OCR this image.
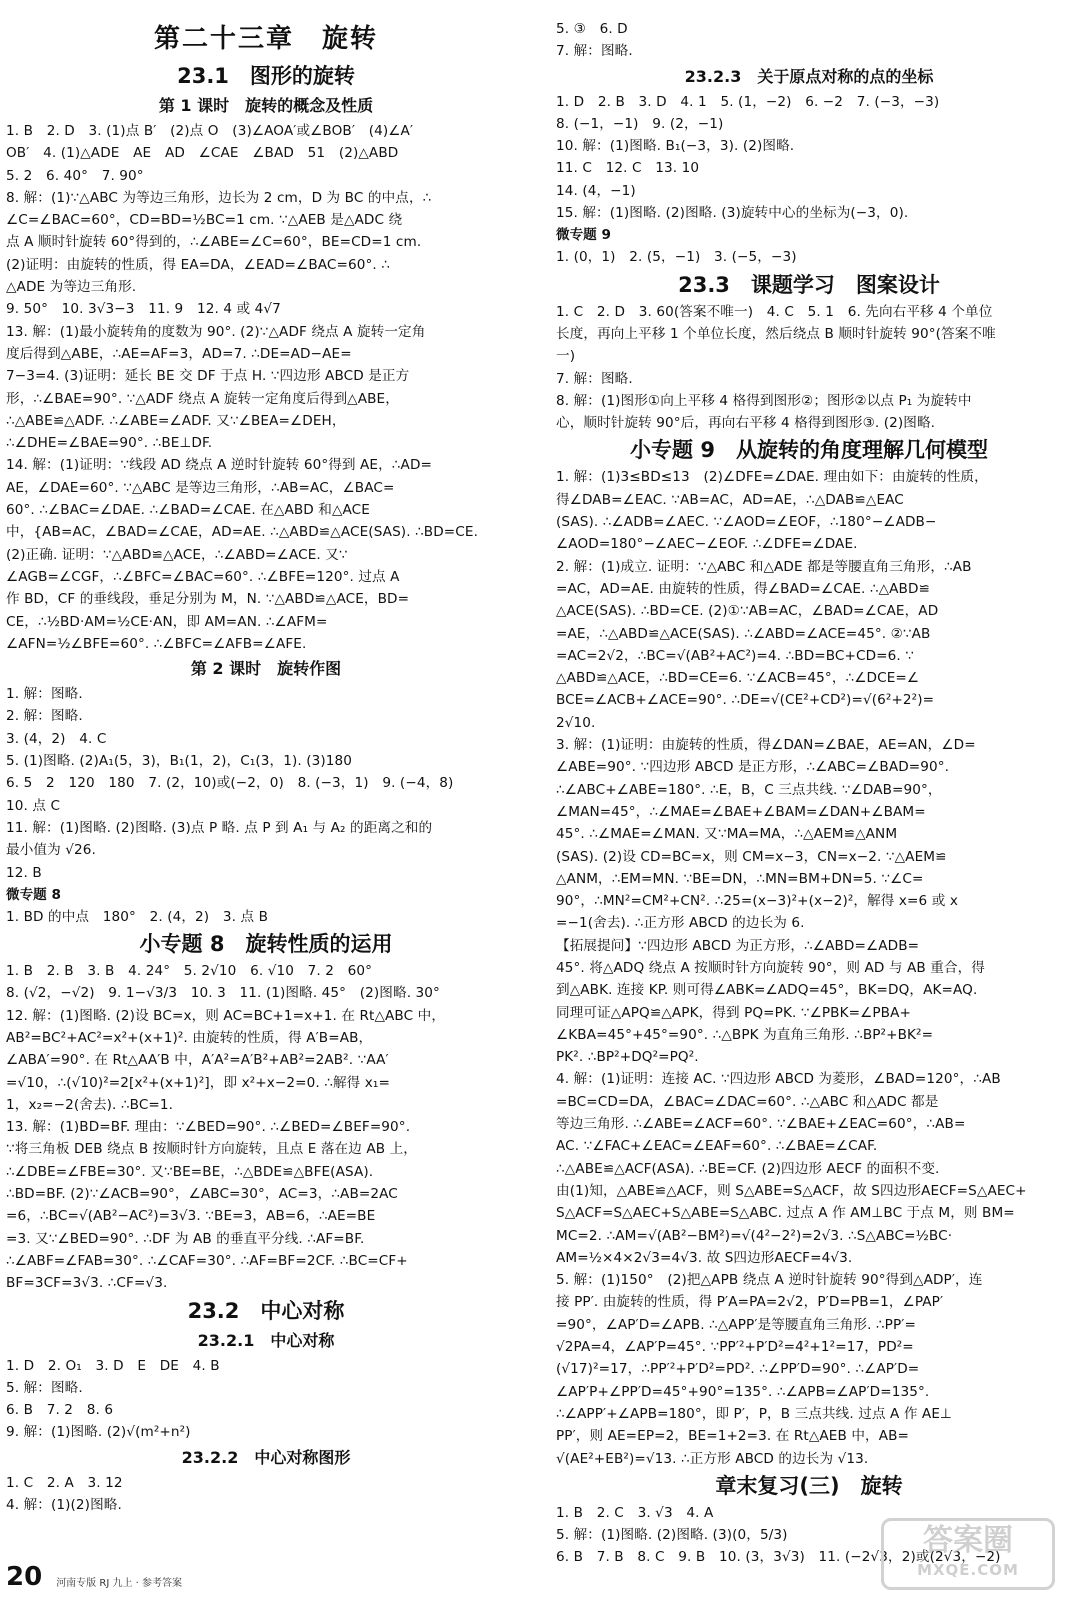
第二十三章　旋转
23.1　图形的旋转
第 1 课时　旋转的概念及性质
1. B　2. D　3. (1)点 B′　(2)点 O　(3)∠AOA′或∠BOB′　(4)∠A′
OB′　4. (1)△ADE　AE　AD　∠CAE　∠BAD　51　(2)△ABD
5. 2　6. 40°　7. 90°
8. 解：(1)∵△ABC 为等边三角形，边长为 2 cm，D 为 BC 的中点，∴
∠C=∠BAC=60°，CD=BD=½BC=1 cm. ∵△AEB 是△ADC 绕
点 A 顺时针旋转 60°得到的，∴∠ABE=∠C=60°，BE=CD=1 cm.
(2)证明：由旋转的性质，得 EA=DA，∠EAD=∠BAC=60°. ∴
△ADE 为等边三角形.
9. 50°　10. 3√3−3　11. 9　12. 4 或 4√7
13. 解：(1)最小旋转角的度数为 90°. (2)∵△ADF 绕点 A 旋转一定角
度后得到△ABE，∴AE=AF=3，AD=7. ∴DE=AD−AE=
7−3=4. (3)证明：延长 BE 交 DF 于点 H. ∵四边形 ABCD 是正方
形，∴∠BAE=90°. ∵△ADF 绕点 A 旋转一定角度后得到△ABE，
∴△ABE≌△ADF. ∴∠ABE=∠ADF. 又∵∠BEA=∠DEH，
∴∠DHE=∠BAE=90°. ∴BE⊥DF.
14. 解：(1)证明：∵线段 AD 绕点 A 逆时针旋转 60°得到 AE，∴AD=
AE，∠DAE=60°. ∵△ABC 是等边三角形，∴AB=AC，∠BAC=
60°. ∴∠BAC=∠DAE. ∴∠BAD=∠CAE. 在△ABD 和△ACE
中，{AB=AC，∠BAD=∠CAE，AD=AE. ∴△ABD≌△ACE(SAS). ∴BD=CE.
(2)正确. 证明：∵△ABD≌△ACE，∴∠ABD=∠ACE. 又∵
∠AGB=∠CGF，∴∠BFC=∠BAC=60°. ∴∠BFE=120°. 过点 A
作 BD，CF 的垂线段，垂足分别为 M，N. ∵△ABD≌△ACE，BD=
CE，∴½BD·AM=½CE·AN，即 AM=AN. ∴∠AFM=
∠AFN=½∠BFE=60°. ∴∠BFC=∠AFB=∠AFE.
第 2 课时　旋转作图
1. 解：图略.
2. 解：图略.
3. (4，2)　4. C
5. (1)图略. (2)A₁(5，3)，B₁(1，2)，C₁(3，1). (3)180
6. 5　2　120　180　7. (2，10)或(−2，0)　8. (−3，1)　9. (−4，8)
10. 点 C
11. 解：(1)图略. (2)图略. (3)点 P 略. 点 P 到 A₁ 与 A₂ 的距离之和的
最小值为 √26.
12. B
微专题 8
1. BD 的中点　180°　2. (4，2)　3. 点 B
小专题 8　旋转性质的运用
1. B　2. B　3. B　4. 24°　5. 2√10　6. √10　7. 2　60°
8. (√2，−√2)　9. 1−√3/3　10. 3　11. (1)图略. 45°　(2)图略. 30°
12. 解：(1)图略. (2)设 BC=x，则 AC=BC+1=x+1. 在 Rt△ABC 中，
AB²=BC²+AC²=x²+(x+1)². 由旋转的性质，得 A′B=AB，
∠ABA′=90°. 在 Rt△AA′B 中，A′A²=A′B²+AB²=2AB². ∵AA′
=√10，∴(√10)²=2[x²+(x+1)²]，即 x²+x−2=0. ∴解得 x₁=
1，x₂=−2(舍去). ∴BC=1.
13. 解：(1)BD=BF. 理由：∵∠BED=90°. ∴∠BED=∠BEF=90°.
∵将三角板 DEB 绕点 B 按顺时针方向旋转，且点 E 落在边 AB 上，
∴∠DBE=∠FBE=30°. 又∵BE=BE，∴△BDE≌△BFE(ASA).
∴BD=BF. (2)∵∠ACB=90°，∠ABC=30°，AC=3，∴AB=2AC
=6，∴BC=√(AB²−AC²)=3√3. ∵BE=3，AB=6，∴AE=BE
=3. 又∵∠BED=90°. ∴DF 为 AB 的垂直平分线. ∴AF=BF.
∴∠ABF=∠FAB=30°. ∴∠CAF=30°. ∴AF=BF=2CF. ∴BC=CF+
BF=3CF=3√3. ∴CF=√3.
23.2　中心对称
23.2.1　中心对称
1. D　2. O₁　3. D　E　DE　4. B
5. 解：图略.
6. B　7. 2　8. 6
9. 解：(1)图略. (2)√(m²+n²)
23.2.2　中心对称图形
1. C　2. A　3. 12
4. 解：(1)(2)图略.
5. ③　6. D
7. 解：图略.
23.2.3　关于原点对称的点的坐标
1. D　2. B　3. D　4. 1　5. (1，−2)　6. −2　7. (−3，−3)
8. (−1，−1)　9. (2，−1)
10. 解：(1)图略. B₁(−3，3). (2)图略.
11. C　12. C　13. 10
14. (4，−1)
15. 解：(1)图略. (2)图略. (3)旋转中心的坐标为(−3，0).
微专题 9
1. (0，1)　2. (5，−1)　3. (−5，−3)
23.3　课题学习　图案设计
1. C　2. D　3. 60(答案不唯一)　4. C　5. 1　6. 先向右平移 4 个单位
长度，再向上平移 1 个单位长度，然后绕点 B 顺时针旋转 90°(答案不唯
一)
7. 解：图略.
8. 解：(1)图形①向上平移 4 格得到图形②；图形②以点 P₁ 为旋转中
心，顺时针旋转 90°后，再向右平移 4 格得到图形③. (2)图略.
小专题 9　从旋转的角度理解几何模型
1. 解：(1)3≤BD≤13　(2)∠DFE=∠DAE. 理由如下：由旋转的性质，
得∠DAB=∠EAC. ∵AB=AC，AD=AE，∴△DAB≌△EAC
(SAS). ∴∠ADB=∠AEC. ∵∠AOD=∠EOF，∴180°−∠ADB−
∠AOD=180°−∠AEC−∠EOF. ∴∠DFE=∠DAE.
2. 解：(1)成立. 证明：∵△ABC 和△ADE 都是等腰直角三角形，∴AB
=AC，AD=AE. 由旋转的性质，得∠BAD=∠CAE. ∴△ABD≌
△ACE(SAS). ∴BD=CE. (2)①∵AB=AC，∠BAD=∠CAE，AD
=AE，∴△ABD≌△ACE(SAS). ∴∠ABD=∠ACE=45°. ②∵AB
=AC=2√2，∴BC=√(AB²+AC²)=4. ∴BD=BC+CD=6. ∵
△ABD≌△ACE，∴BD=CE=6. ∵∠ACB=45°，∴∠DCE=∠
BCE=∠ACB+∠ACE=90°. ∴DE=√(CE²+CD²)=√(6²+2²)=
2√10.
3. 解：(1)证明：由旋转的性质，得∠DAN=∠BAE，AE=AN，∠D=
∠ABE=90°. ∵四边形 ABCD 是正方形，∴∠ABC=∠BAD=90°.
∴∠ABC+∠ABE=180°. ∴E，B，C 三点共线. ∵∠DAB=90°，
∠MAN=45°，∴∠MAE=∠BAE+∠BAM=∠DAN+∠BAM=
45°. ∴∠MAE=∠MAN. 又∵MA=MA，∴△AEM≌△ANM
(SAS). (2)设 CD=BC=x，则 CM=x−3，CN=x−2. ∵△AEM≌
△ANM，∴EM=MN. ∵BE=DN，∴MN=BM+DN=5. ∵∠C=
90°，∴MN²=CM²+CN². ∴25=(x−3)²+(x−2)²，解得 x=6 或 x
=−1(舍去). ∴正方形 ABCD 的边长为 6.
【拓展提问】∵四边形 ABCD 为正方形，∴∠ABD=∠ADB=
45°. 将△ADQ 绕点 A 按顺时针方向旋转 90°，则 AD 与 AB 重合，得
到△ABK. 连接 KP. 则可得∠ABK=∠ADQ=45°，BK=DQ，AK=AQ.
同理可证△APQ≌△APK，得到 PQ=PK. ∵∠PBK=∠PBA+
∠KBA=45°+45°=90°. ∴△BPK 为直角三角形. ∴BP²+BK²=
PK². ∴BP²+DQ²=PQ².
4. 解：(1)证明：连接 AC. ∵四边形 ABCD 为菱形，∠BAD=120°，∴AB
=BC=CD=DA，∠BAC=∠DAC=60°. ∴△ABC 和△ADC 都是
等边三角形. ∴∠ABE=∠ACF=60°. ∵∠BAE+∠EAC=60°，∴AB=
AC. ∵∠FAC+∠EAC=∠EAF=60°. ∴∠BAE=∠CAF.
∴△ABE≌△ACF(ASA). ∴BE=CF. (2)四边形 AECF 的面积不变.
由(1)知，△ABE≌△ACF，则 S△ABE=S△ACF，故 S四边形AECF=S△AEC+
S△ACF=S△AEC+S△ABE=S△ABC. 过点 A 作 AM⊥BC 于点 M，则 BM=
MC=2. ∴AM=√(AB²−BM²)=√(4²−2²)=2√3. ∴S△ABC=½BC·
AM=½×4×2√3=4√3. 故 S四边形AECF=4√3.
5. 解：(1)150°　(2)把△APB 绕点 A 逆时针旋转 90°得到△ADP′，连
接 PP′. 由旋转的性质，得 P′A=PA=2√2，P′D=PB=1，∠PAP′
=90°，∠AP′D=∠APB. ∴△APP′是等腰直角三角形. ∴PP′=
√2PA=4，∠AP′P=45°. ∵PP′²+P′D²=4²+1²=17，PD²=
(√17)²=17，∴PP′²+P′D²=PD². ∴∠PP′D=90°. ∴∠AP′D=
∠AP′P+∠PP′D=45°+90°=135°. ∴∠APB=∠AP′D=135°.
∴∠APP′+∠APB=180°，即 P′，P，B 三点共线. 过点 A 作 AE⊥
PP′，则 AE=EP=2，BE=1+2=3. 在 Rt△AEB 中，AB=
√(AE²+EB²)=√13. ∴正方形 ABCD 的边长为 √13.
章末复习(三)　旋转
1. B　2. C　3. √3　4. A
5. 解：(1)图略. (2)图略. (3)(0，5/3)
6. B　7. B　8. C　9. B　10. (3，3√3)　11. (−2√3，2)或(2√3，−2)
20 河南专版 RJ 九上 · 参考答案
答案圈
MXQE.COM
